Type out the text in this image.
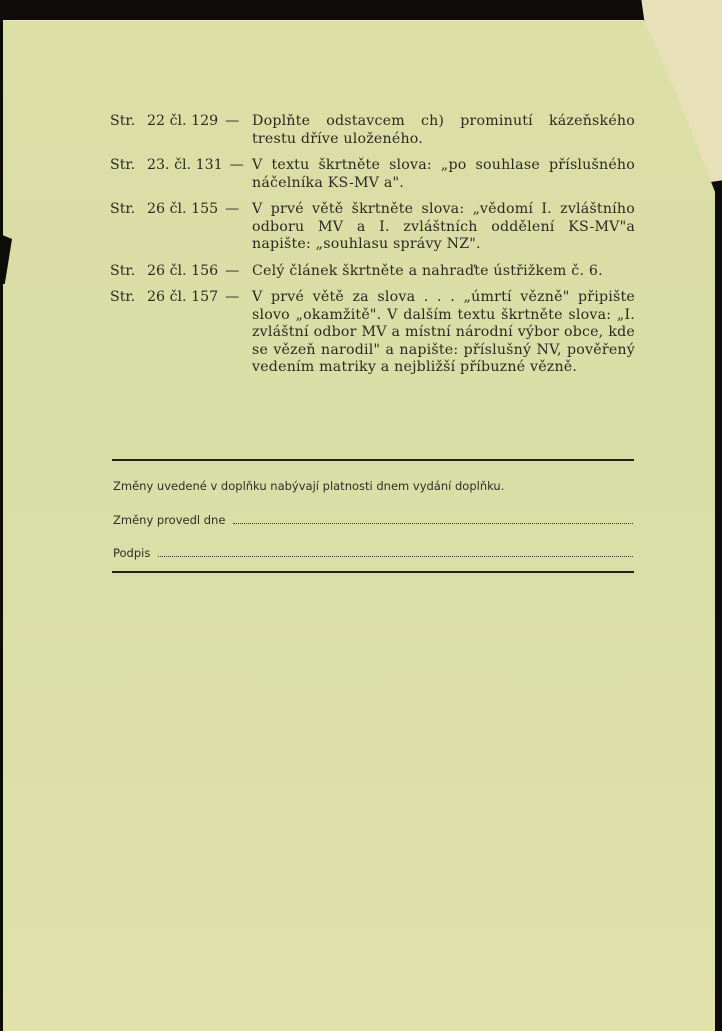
Str. 22 čl. 129 — Doplňte odstavcem ch) prominutí kázeňského trestu dříve uloženého.
Str. 23. čl. 131 — V textu škrtněte slova: „po souhlase příslušného náčelníka KS-MV a".
Str. 26 čl. 155 — V prvé větě škrtněte slova: „vědomí I. zvláštního odboru MV a I. zvláštních oddělení KS-MV"a napište: „souhlasu správy NZ".
Str. 26 čl. 156 — Celý článek škrtněte a nahraďte ústřižkem č. 6.
Str. 26 čl. 157 — V prvé větě za slova . . . „úmrtí vězně" připište slovo „okamžitě". V dalším textu škrtněte slova: „I. zvláštní odbor MV a místní národní výbor obce, kde se vězeň narodil" a napište: příslušný NV, pověřený vedením matriky a nejbližší příbuzné vězně.
Změny uvedené v doplňku nabývají platnosti dnem vydání doplňku.
Změny provedl dne
Podpis
